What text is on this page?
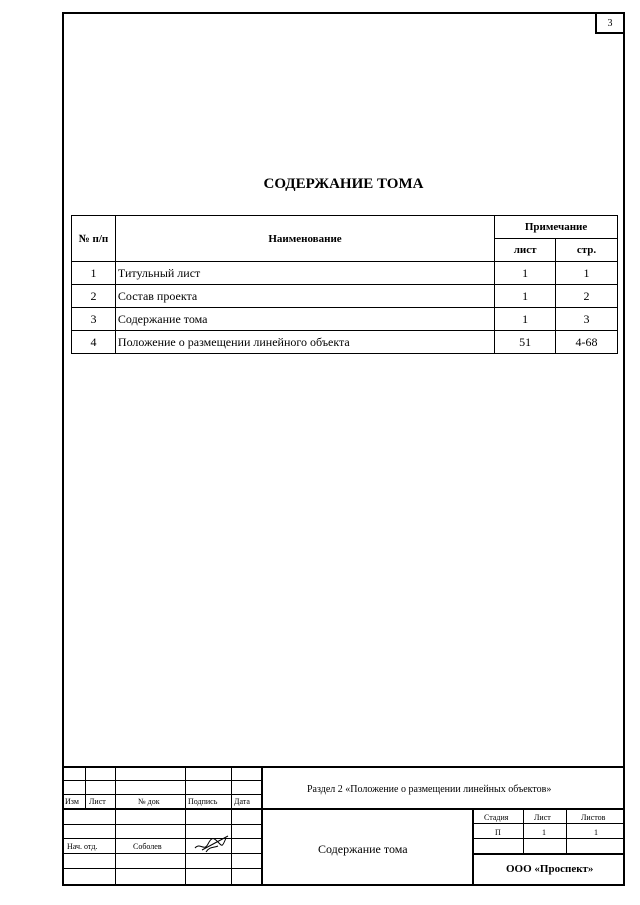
3
СОДЕРЖАНИЕ ТОМА
№ п/п	Наименование	Примечание	
		лист	стр.
1	Титульный лист	1	1
2	Состав проекта	1	2
3	Содержание тома	1	3
4	Положение о размещении линейного объекта	51	4-68
Изм Лист	№ док	Подпись Дата
Раздел 2 «Положение о размещении линейных объектов»
Нач. отд.	Соболев	Содержание тома
Стадия	Лист	Листов
П	1	1
ООО «Проспект»
